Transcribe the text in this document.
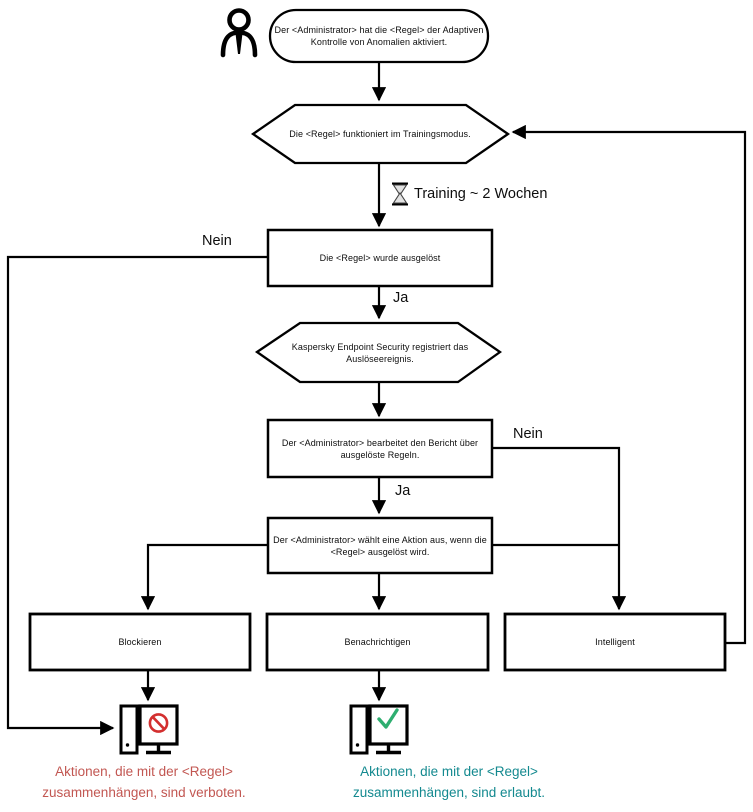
Der <Administrator> hat die <Regel> der Adaptiven Kontrolle von Anomalien aktiviert.
Die <Regel> funktioniert im Trainingsmodus.
Training ~ 2 Wochen
Die <Regel> wurde ausgelöst
Nein
Ja
Kaspersky Endpoint Security registriert das Auslöseereignis.
Der <Administrator> bearbeitet den Bericht über ausgelöste Regeln.
Nein
Ja
Der <Administrator> wählt eine Aktion aus, wenn die <Regel> ausgelöst wird.
Blockieren	Benachrichtigen	Intelligent
Aktionen, die mit der <Regel> zusammenhängen, sind verboten.
Aktionen, die mit der <Regel> zusammenhängen, sind erlaubt.
